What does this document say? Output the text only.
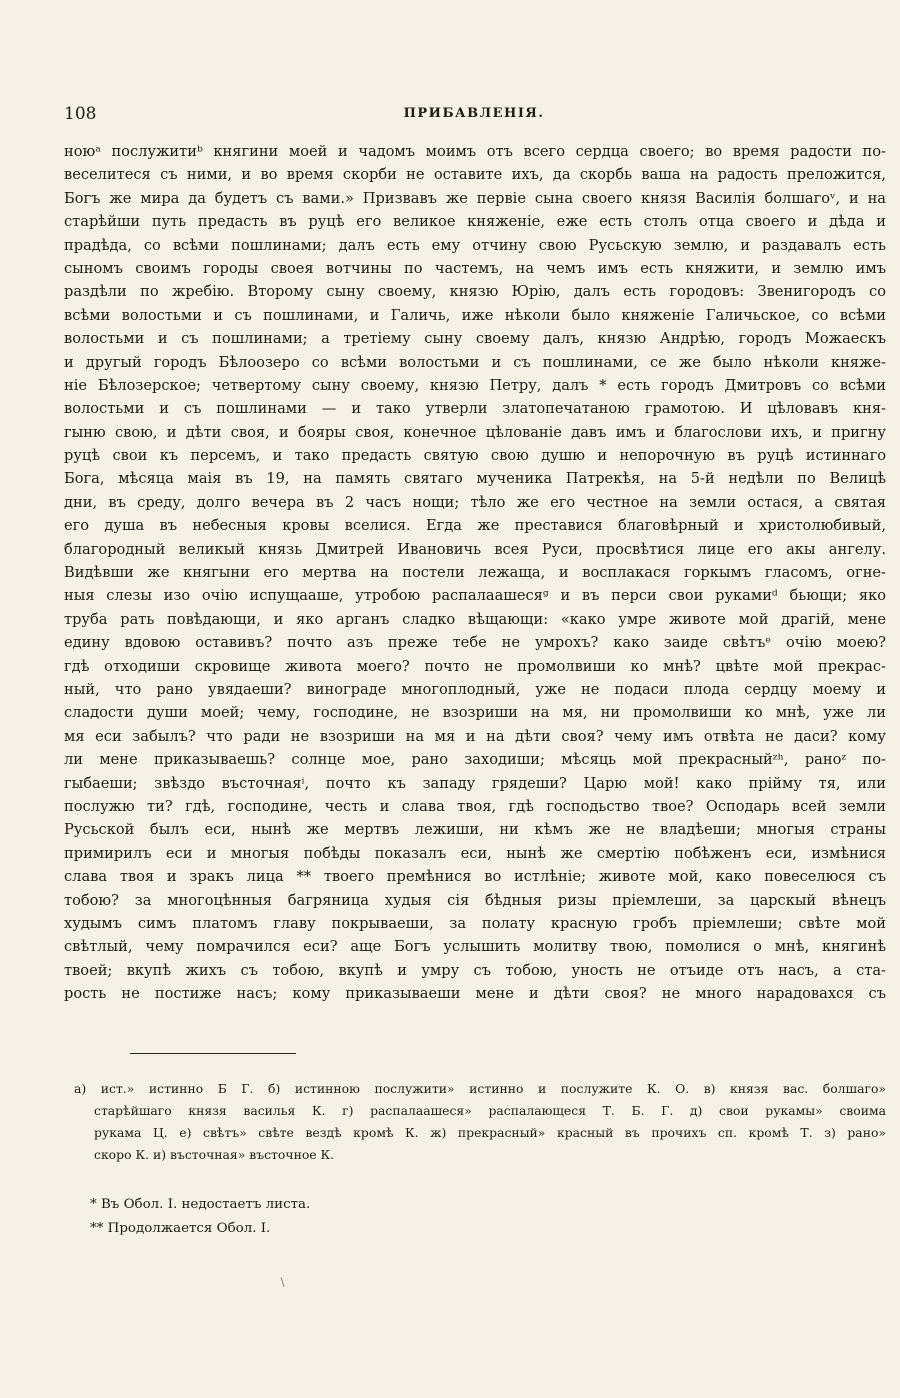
108	ПРИБАВЛЕНІЯ.
нoюᵃ послужитиᵇ княгини моей и чадомъ моимъ отъ всего сердца своего; во время радости по-
веселитеся съ ними, и во время скорби не оставите ихъ, да скорбь ваша на радость преложится,
Богъ же мира да будетъ съ вами.» Призвавъ же первіе сына своего князя Василія болшагоᵛ, и на
старѣйши путь предасть въ руцѣ его великое княженіе, еже есть столъ отца своего и дѣда и
прадѣда, со всѣми пошлинами; далъ есть ему отчину свою Русьскую землю, и раздавалъ есть
сыномъ своимъ городы своея вотчины по частемъ, на чемъ имъ есть княжити, и землю имъ
раздѣли по жребію. Второму сыну своему, князю Юрію, далъ есть городовъ: Звенигородъ со
всѣми волостьми и съ пошлинами, и Галичь, иже нѣколи было княженіе Галичьское, со всѣми
волостьми и съ пошлинами; а третіему сыну своему далъ, князю Андрѣю, городъ Можаескъ
и другый городъ Бѣлоозеро со всѣми волостьми и съ пошлинами, се же было нѣколи княже-
ніе Бѣлозерское; четвертому сыну своему, князю Петру, далъ * есть городъ Дмитровъ со всѣми
волостьми и съ пошлинами — и тако утверли златопечатаною грамотою. И цѣловавъ кня-
гыню свою, и дѣти своя, и бояры своя, конечное цѣлованіе давъ имъ и благослови ихъ, и пригну
руцѣ свои къ персемъ, и тако предасть святую свою душю и непорочную въ руцѣ истиннаго
Бога, мѣсяца маія въ 19, на память святаго мученика Патрекѣя, на 5-й недѣли по Велицѣ
дни, въ среду, долго вечера въ 2 часъ нощи; тѣло же его честное на земли остася, а святая
его душа въ небесныя кровы вселися. Егда же преставися благовѣрный и христолюбивый,
благородный великый князь Дмитрей Ивановичь всея Руси, просвѣтися лице его акы ангелу.
Видѣвши же княгыни его мертва на постели лежаща, и восплакася горкымъ гласомъ, огне-
ныя слезы изо очію испущааше, утробою распалаашесяᵍ и въ перси свои рукамиᵈ бьющи; яко
труба рать повѣдающи, и яко арганъ сладко вѣщающи: «како умре животе мой драгій, мене
едину вдовою оставивъ? почто азъ преже тебе не умрохъ? како заиде свѣтъᵉ очію моею?
гдѣ отходиши скровище живота моего? почто не промолвиши ко мнѣ? цвѣте мой прекрас-
ный, что рано увядаеши? винограде многоплодный, уже не подаси плода сердцу моему и
сладости души моей; чему, господине, не взозриши на мя, ни промолвиши ко мнѣ, уже ли
мя еси забылъ? что ради не взозриши на мя и на дѣти своя? чему имъ отвѣта не даси? кому
ли мене приказываешь? солнце мое, рано заходиши; мѣсяць мой прекрасныйᶻʰ, раноᶻ по-
гыбаеши; звѣздо въсточнаяⁱ, почто къ западу грядеши? Царю мой! како прійму тя, или
послужю ти? гдѣ, господине, честь и слава твоя, гдѣ господьство твое? Осподарь всей земли
Русьской былъ еси, нынѣ же мертвъ лежиши, ни кѣмъ же не владѣеши; многыя страны
примирилъ еси и многыя побѣды показалъ еси, нынѣ же смертію побѣженъ еси, измѣнися
слава твоя и зракъ лица ** твоего премѣнися во истлѣніе; животе мой, како повеселюся съ
тобою? за многоцѣнныя багряница худыя сія бѣдныя ризы пріемлеши, за царскый вѣнецъ
худымъ симъ платомъ главу покрываеши, за полату красную гробъ пріемлеши; свѣте мой
свѣтлый, чему помрачился еси? аще Богъ услышить молитву твою, помолися о мнѣ, княгинѣ
твоей; вкупѣ жихъ съ тобою, вкупѣ и умру съ тобою, уность не отъиде отъ насъ, а ста-
рость не постиже насъ; кому приказываеши мене и дѣти своя? не много нарадовахся съ
а) ист.» истинно Б Г. б) истинною послужити» истинно и послужите К. О. в) князя вас. болшаго»
старѣйшаго князя василья К. г) распалаашеся» распалающеся Т. Б. Г. д) свои рукамы» своима
рукама Ц. е) свѣтъ» свѣте вездѣ кромѣ К. ж) прекрасный» красный въ прочихъ сп. кромѣ Т. з) рано»
скоро К. и) въсточная» въсточное К.
* Въ Обол. I. недостаетъ листа.
** Продолжается Обол. I.
